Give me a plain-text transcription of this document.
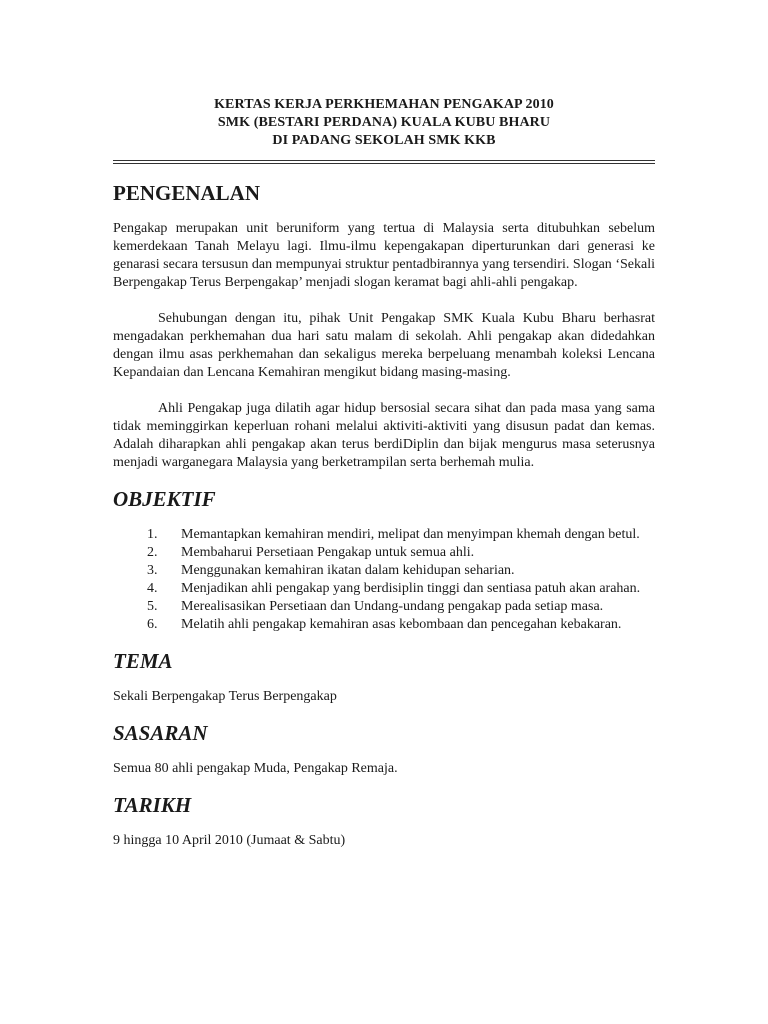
KERTAS KERJA PERKHEMAHAN PENGAKAP 2010
SMK (BESTARI PERDANA) KUALA KUBU BHARU
DI PADANG SEKOLAH SMK KKB
PENGENALAN

Pengakap merupakan unit beruniform yang tertua di Malaysia serta ditubuhkan sebelum kemerdekaan Tanah Melayu lagi. Ilmu-ilmu kepengakapan diperturunkan dari generasi ke genarasi secara tersusun dan mempunyai struktur pentadbirannya yang tersendiri. Slogan ‘Sekali Berpengakap Terus Berpengakap’ menjadi slogan keramat bagi ahli-ahli pengakap.

Sehubungan dengan itu, pihak Unit Pengakap SMK Kuala Kubu Bharu berhasrat mengadakan perkhemahan dua hari satu malam di sekolah. Ahli pengakap akan didedahkan dengan ilmu asas perkhemahan dan sekaligus mereka berpeluang menambah koleksi Lencana Kepandaian dan Lencana Kemahiran mengikut bidang masing-masing.

Ahli Pengakap juga dilatih agar hidup bersosial secara sihat dan pada masa yang sama tidak meminggirkan keperluan rohani melalui aktiviti-aktiviti yang disusun padat dan kemas. Adalah diharapkan ahli pengakap akan terus berdiDiplin dan bijak mengurus masa seterusnya menjadi warganegara Malaysia yang berketrampilan serta berhemah mulia.

OBJEKTIF
1.	Memantapkan kemahiran mendiri, melipat dan menyimpan khemah dengan betul.
2.	Membaharui Persetiaan Pengakap untuk semua ahli.
3.	Menggunakan kemahiran ikatan dalam kehidupan seharian.
4.	Menjadikan ahli pengakap yang berdisiplin tinggi dan sentiasa patuh akan arahan.
5.	Merealisasikan Persetiaan dan Undang-undang pengakap pada setiap masa.
6.	Melatih ahli pengakap kemahiran asas kebombaan dan pencegahan kebakaran.
TEMA

Sekali Berpengakap Terus Berpengakap

SASARAN

Semua 80 ahli pengakap Muda, Pengakap Remaja.

TARIKH

9 hingga 10 April 2010 (Jumaat & Sabtu)
